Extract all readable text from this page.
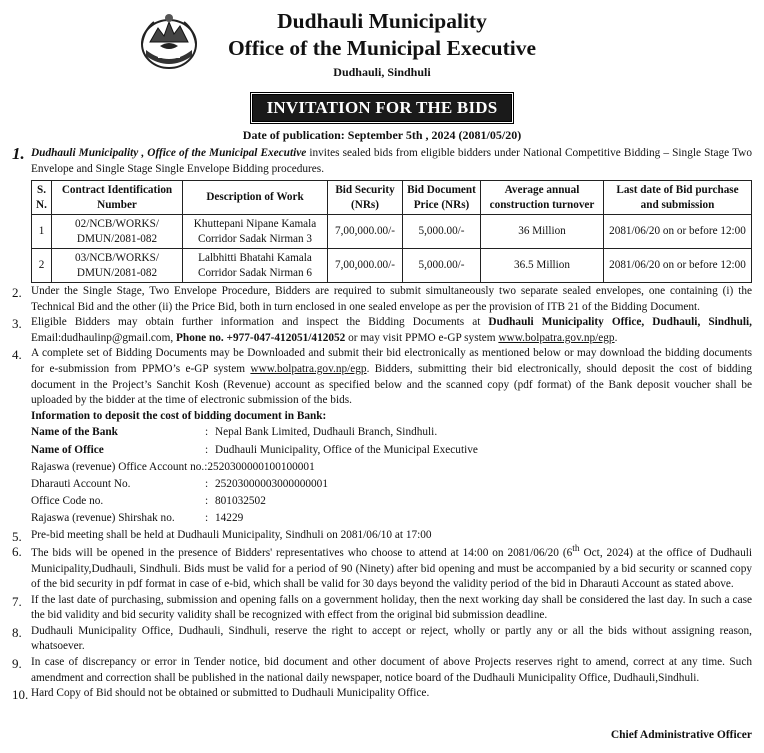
Dudhauli Municipality
Office of the Municipal Executive
Dudhauli, Sindhuli
INVITATION FOR THE BIDS
Date of publication: September 5th , 2024 (2081/05/20)
1. Dudhauli Municipality , Office of the Municipal Executive invites sealed bids from eligible bidders under National Competitive Bidding – Single Stage Two Envelope and Single Stage Single Envelope Bidding procedures.
S. N.	Contract Identification Number	Description of Work	Bid Security (NRs)	Bid Document Price (NRs)	Average annual construction turnover	Last date of Bid purchase and submission
1	02/NCB/WORKS/ DMUN/2081-082	Khuttepani Nipane Kamala Corridor Sadak Nirman 3	7,00,000.00/-	5,000.00/-	36 Million	2081/06/20 on or before 12:00
2	03/NCB/WORKS/ DMUN/2081-082	Lalbhitti Bhatahi Kamala Corridor Sadak Nirman 6	7,00,000.00/-	5,000.00/-	36.5 Million	2081/06/20 on or before 12:00
2. Under the Single Stage, Two Envelope Procedure, Bidders are required to submit simultaneously two separate sealed envelopes, one containing (i) the Technical Bid and the other (ii) the Price Bid, both in turn enclosed in one sealed envelope as per the provision of ITB 21 of the Bidding Document.
3. Eligible Bidders may obtain further information and inspect the Bidding Documents at Dudhauli Municipality Office, Dudhauli, Sindhuli, Email:dudhaulinp@gmail.com, Phone no. +977-047-412051/412052 or may visit PPMO e-GP system www.bolpatra.gov.np/egp.
4. A complete set of Bidding Documents may be Downloaded and submit their bid electronically as mentioned below or may download the bidding documents for e-submission from PPMO’s e-GP system www.bolpatra.gov.np/egp. Bidders, submitting their bid electronically, should deposit the cost of bidding document in the Project’s Sanchit Kosh (Revenue) account as specified below and the scanned copy (pdf format) of the Bank deposit voucher shall be uploaded by the bidder at the time of electronic submission of the bids.
Information to deposit the cost of bidding document in Bank:
Name of the Bank	: Nepal Bank Limited, Dudhauli Branch, Sindhuli.
Name of Office	: Dudhauli Municipality, Office of the Municipal Executive
Rajaswa (revenue) Office Account no. : 2520300000100100001
Dharauti Account No.	: 25203000003000000001
Office Code no.	: 801032502
Rajaswa (revenue) Shirshak no.	: 14229
5. Pre-bid meeting shall be held at Dudhauli Municipality, Sindhuli on 2081/06/10 at 17:00
6. The bids will be opened in the presence of Bidders' representatives who choose to attend at 14:00 on 2081/06/20 (6th Oct, 2024) at the office of Dudhauli Municipality,Dudhauli, Sindhuli. Bids must be valid for a period of 90 (Ninety) after bid opening and must be accompanied by a bid security or scanned copy of the bid security in pdf format in case of e-bid, which shall be valid for 30 days beyond the validity period of the bid in Dharauti Account as stated above.
7. If the last date of purchasing, submission and opening falls on a government holiday, then the next working day shall be considered the last day. In such a case the bid validity and bid security validity shall be recognized with effect from the original bid submission deadline.
8. Dudhauli Municipality Office, Dudhauli, Sindhuli, reserve the right to accept or reject, wholly or partly any or all the bids without assigning reason, whatsoever.
9. In case of discrepancy or error in Tender notice, bid document and other document of above Projects reserves right to amend, correct at any time. Such amendment and correction shall be published in the national daily newspaper, notice board of the Dudhauli Municipality Office, Dudhauli,Sindhuli.
10. Hard Copy of Bid should not be obtained or submitted to Dudhauli Municipality Office.
Chief Administrative Officer
